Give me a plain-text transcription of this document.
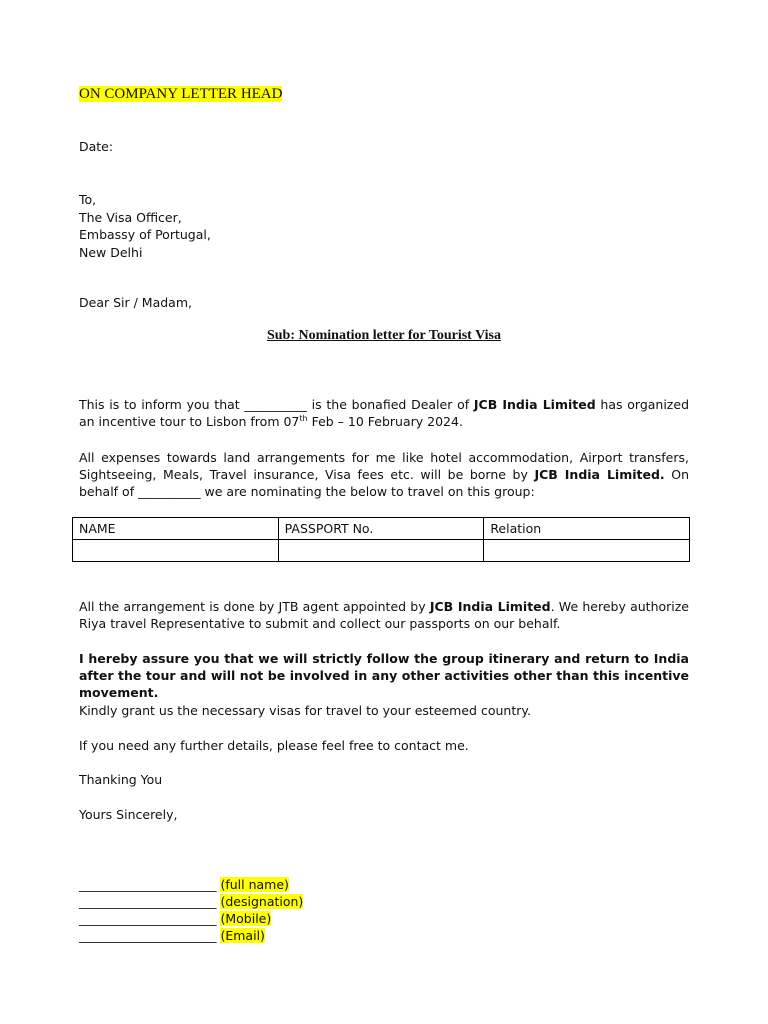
ON COMPANY LETTER HEAD
Date:
To,
The Visa Officer,
Embassy of Portugal,
New Delhi
Dear Sir / Madam,
Sub: Nomination letter for Tourist Visa
This is to inform you that __________ is the bonafied Dealer of JCB India Limited has organized an incentive tour to Lisbon from 07th Feb – 10 February 2024.
All expenses towards land arrangements for me like hotel accommodation, Airport transfers, Sightseeing, Meals, Travel insurance, Visa fees etc. will be borne by JCB India Limited. On behalf of __________ we are nominating the below to travel on this group:
NAME	PASSPORT No.	Relation

All the arrangement is done by JTB agent appointed by JCB India Limited. We hereby authorize Riya travel Representative to submit and collect our passports on our behalf.
I hereby assure you that we will strictly follow the group itinerary and return to India after the tour and will not be involved in any other activities other than this incentive movement.
Kindly grant us the necessary visas for travel to your esteemed country.
If you need any further details, please feel free to contact me.
Thanking You
Yours Sincerely,
______________________ (full name)
______________________ (designation)
______________________ (Mobile)
______________________ (Email)
